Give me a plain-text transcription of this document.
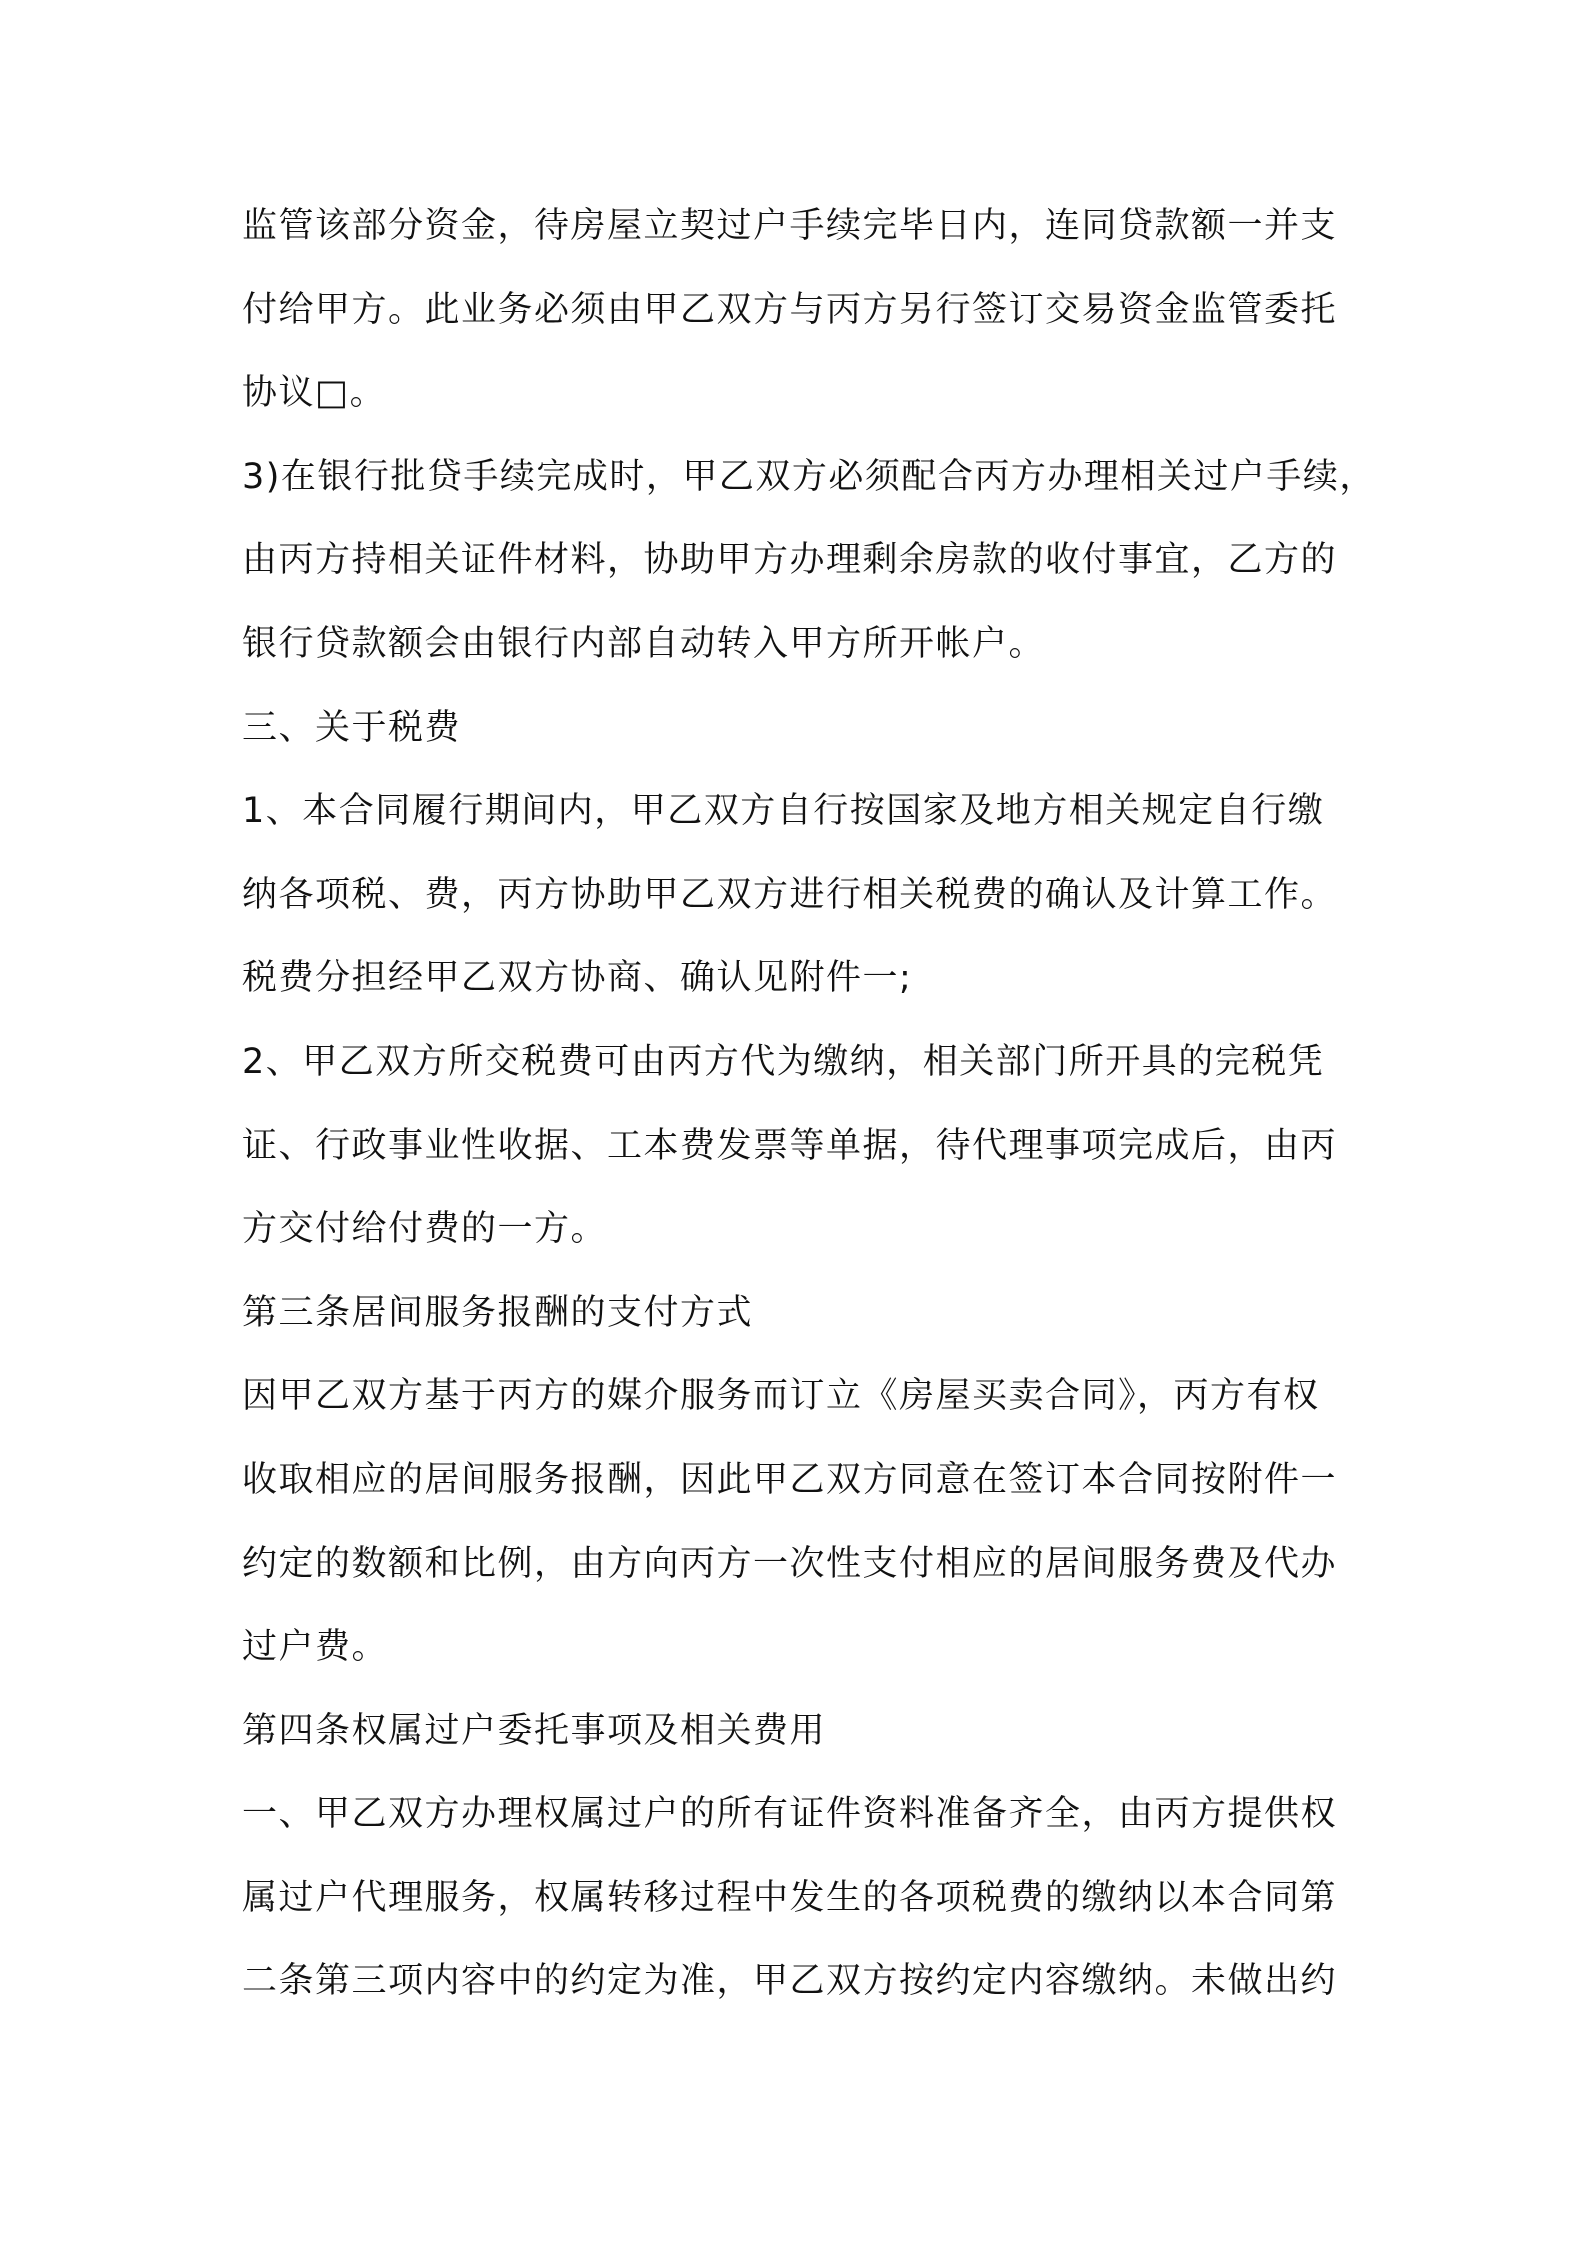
监管该部分资金，待房屋立契过户手续完毕日内，连同贷款额一并支
付给甲方。此业务必须由甲乙双方与丙方另行签订交易资金监管委托
协议□。
3)在银行批贷手续完成时，甲乙双方必须配合丙方办理相关过户手续，
由丙方持相关证件材料，协助甲方办理剩余房款的收付事宜，乙方的
银行贷款额会由银行内部自动转入甲方所开帐户。
三、关于税费
1、本合同履行期间内，甲乙双方自行按国家及地方相关规定自行缴
纳各项税、费，丙方协助甲乙双方进行相关税费的确认及计算工作。
税费分担经甲乙双方协商、确认见附件一;
2、甲乙双方所交税费可由丙方代为缴纳，相关部门所开具的完税凭
证、行政事业性收据、工本费发票等单据，待代理事项完成后，由丙
方交付给付费的一方。
第三条居间服务报酬的支付方式
因甲乙双方基于丙方的媒介服务而订立《房屋买卖合同》，丙方有权
收取相应的居间服务报酬，因此甲乙双方同意在签订本合同按附件一
约定的数额和比例，由方向丙方一次性支付相应的居间服务费及代办
过户费。
第四条权属过户委托事项及相关费用
一、甲乙双方办理权属过户的所有证件资料准备齐全，由丙方提供权
属过户代理服务，权属转移过程中发生的各项税费的缴纳以本合同第
二条第三项内容中的约定为准，甲乙双方按约定内容缴纳。未做出约
